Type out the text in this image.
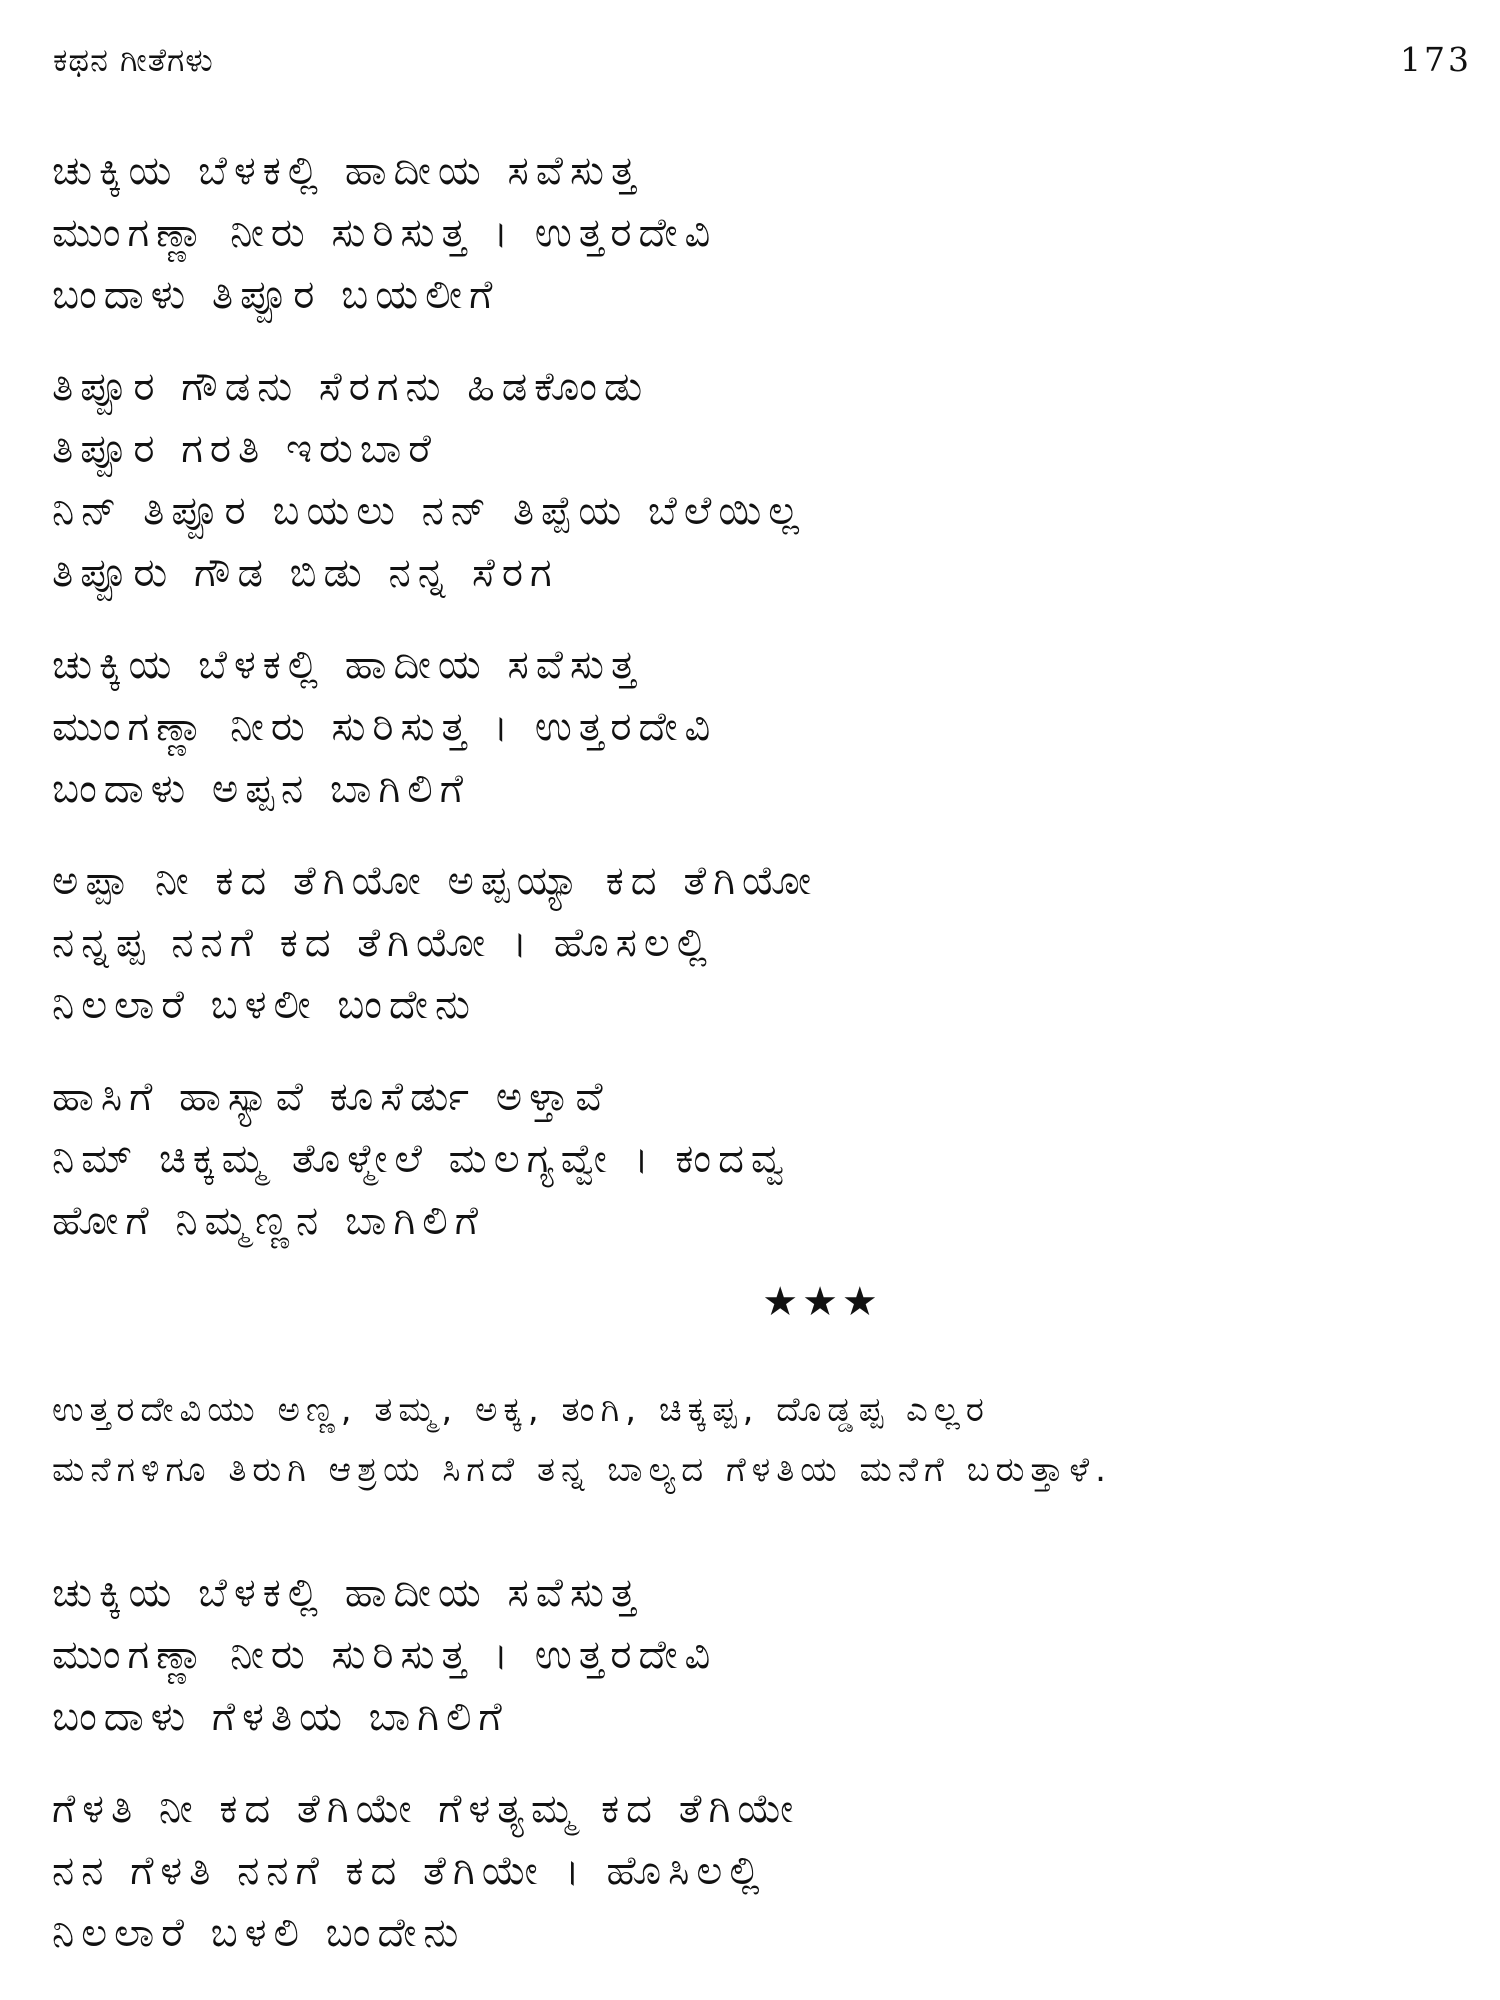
ಕಥನ ಗೀತೆಗಳು	173
ಚುಕ್ಕಿಯ ಬೆಳಕಲ್ಲಿ ಹಾದೀಯ ಸವೆಸುತ್ತ
ಮುಂಗಣ್ಣಾ ನೀರು ಸುರಿಸುತ್ತ । ಉತ್ತರದೇವಿ
ಬಂದಾಳು ತಿಪ್ಪೂರ ಬಯಲೀಗೆ
ತಿಪ್ಪೂರ ಗೌಡನು ಸೆರಗನು ಹಿಡಕೊಂಡು
ತಿಪ್ಪೂರ ಗರತಿ ಇರುಬಾರೆ
ನಿನ್ ತಿಪ್ಪೂರ ಬಯಲು ನನ್ ತಿಪ್ಪೆಯ ಬೆಲೆಯಿಲ್ಲ
ತಿಪ್ಪೂರು ಗೌಡ ಬಿಡು ನನ್ನ ಸೆರಗ
ಚುಕ್ಕಿಯ ಬೆಳಕಲ್ಲಿ ಹಾದೀಯ ಸವೆಸುತ್ತ
ಮುಂಗಣ್ಣಾ ನೀರು ಸುರಿಸುತ್ತ । ಉತ್ತರದೇವಿ
ಬಂದಾಳು ಅಪ್ಪನ ಬಾಗಿಲಿಗೆ
ಅಪ್ಪಾ ನೀ ಕದ ತೆಗಿಯೋ ಅಪ್ಪಯ್ಯಾ ಕದ ತೆಗಿಯೋ
ನನ್ನಪ್ಪ ನನಗೆ ಕದ ತೆಗಿಯೋ । ಹೊಸಲಲ್ಲಿ
ನಿಲಲಾರೆ ಬಳಲೀ ಬಂದೇನು
ಹಾಸಿಗೆ ಹಾಸ್ಯಾವೆ ಕೂಸೆರ್ಡು ಅಳ್ತಾವೆ
ನಿಮ್ ಚಿಕ್ಕಮ್ಮ ತೊಳ್ಮೇಲೆ ಮಲಗ್ಯವ್ವೇ । ಕಂದವ್ವ
ಹೋಗೆ ನಿಮ್ಮಣ್ಣನ ಬಾಗಿಲಿಗೆ
★★★
ಉತ್ತರದೇವಿಯು ಅಣ್ಣ, ತಮ್ಮ, ಅಕ್ಕ, ತಂಗಿ, ಚಿಕ್ಕಪ್ಪ, ದೊಡ್ಡಪ್ಪ ಎಲ್ಲರ
ಮನೆಗಳಿಗೂ ತಿರುಗಿ ಆಶ್ರಯ ಸಿಗದೆ ತನ್ನ ಬಾಲ್ಯದ ಗೆಳತಿಯ ಮನೆಗೆ ಬರುತ್ತಾಳೆ.
ಚುಕ್ಕಿಯ ಬೆಳಕಲ್ಲಿ ಹಾದೀಯ ಸವೆಸುತ್ತ
ಮುಂಗಣ್ಣಾ ನೀರು ಸುರಿಸುತ್ತ । ಉತ್ತರದೇವಿ
ಬಂದಾಳು ಗೆಳತಿಯ ಬಾಗಿಲಿಗೆ
ಗೆಳತಿ ನೀ ಕದ ತೆಗಿಯೇ ಗೆಳತ್ಯಮ್ಮ ಕದ ತೆಗಿಯೇ
ನನ ಗೆಳತಿ ನನಗೆ ಕದ ತೆಗಿಯೇ । ಹೊಸಿಲಲ್ಲಿ
ನಿಲಲಾರೆ ಬಳಲಿ ಬಂದೇನು
